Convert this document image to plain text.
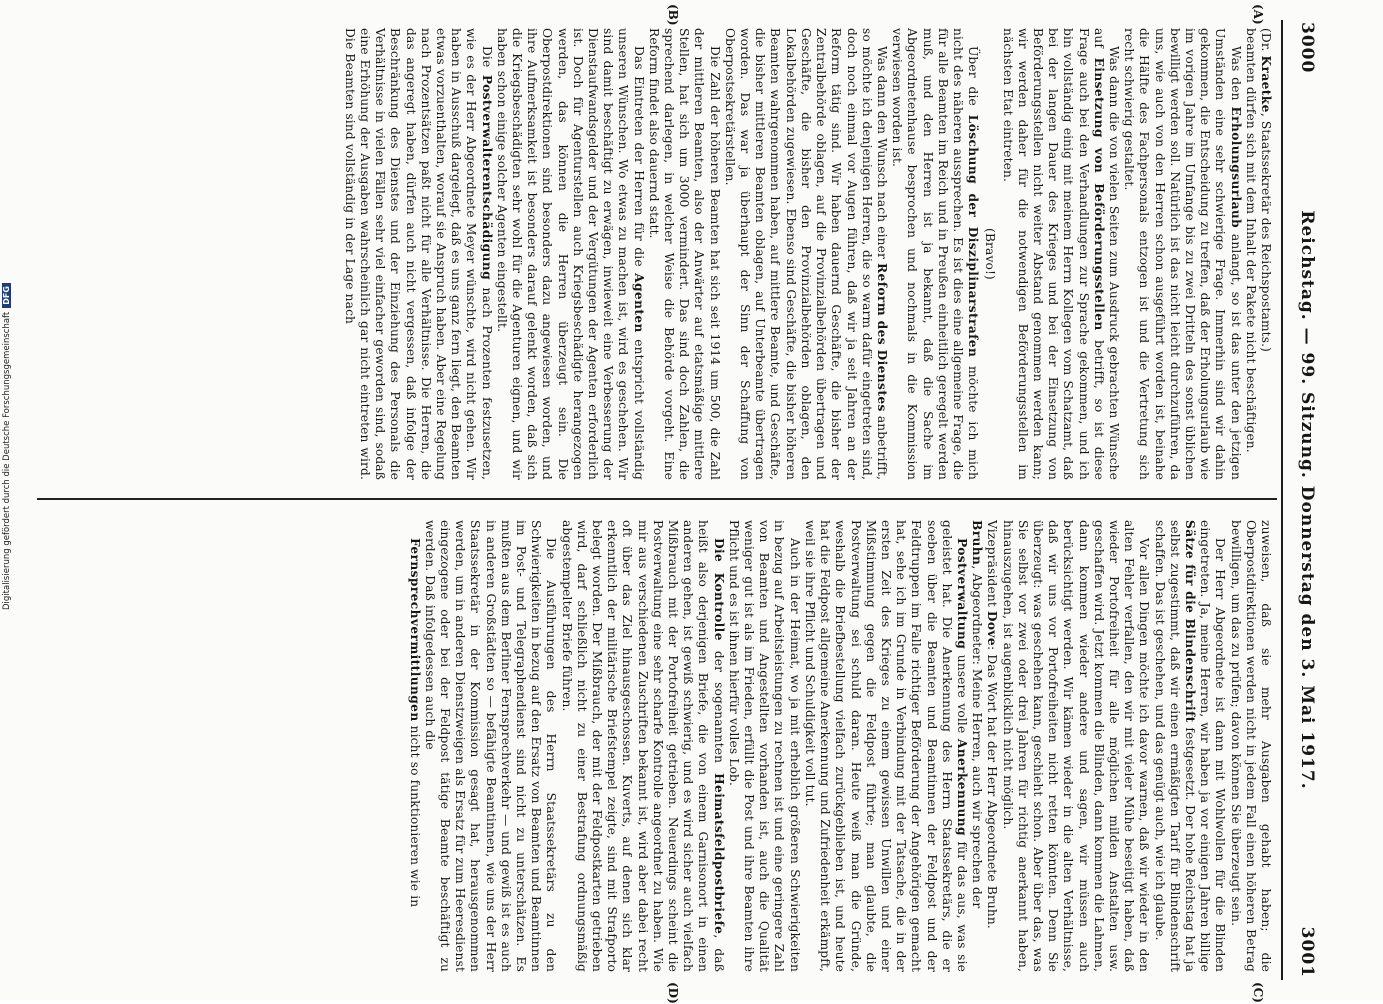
3000
Reichstag. — 99. Sitzung. Donnerstag den 3. Mai 1917.
3001
(A)
(C)
(B)
(D)

(Dr. Kraetke, Staatssekretär des Reichspostamts.)

beamten dürfen sich mit dem Inhalt der Pakete nicht beschäftigen.

Was den Erholungsurlaub anlangt, so ist das unter den jetzigen Umständen eine sehr schwierige Frage. Immerhin sind wir dahin gekommen, die Entscheidung zu treffen, daß der Erholungsurlaub wie im vorigen Jahre im Umfange bis zu zwei Dritteln des sonst üblichen bewilligt werden soll. Natürlich ist das nicht leicht durchzuführen, da uns, wie auch von den Herren schon ausgeführt worden ist, beinahe die Hälfte des Fachpersonals entzogen ist und die Vertretung sich recht schwierig gestaltet.

Was dann die von vielen Seiten zum Ausdruck gebrachten Wünsche auf Einsetzung von Beförderungsstellen betrifft, so ist diese Frage auch bei den Verhandlungen zur Sprache gekommen, und ich bin vollständig einig mit meinem Herrn Kollegen vom Schatzamt, daß bei der langen Dauer des Krieges und bei der Einsetzung von Beförderungsstellen nicht weiter Abstand genommen werden kann; wir werden daher für die notwendigen Beförderungsstellen im nächsten Etat eintreten.

(Bravo!)

Über die Löschung der Disziplinarstrafen möchte ich mich nicht des näheren aussprechen. Es ist dies eine allgemeine Frage, die für alle Beamten im Reich und in Preußen einheitlich geregelt werden muß, und den Herren ist ja bekannt, daß die Sache im Abgeordnetenhause besprochen und nochmals in die Kommission verwiesen worden ist.

Was dann den Wunsch nach einer Reform des Dienstes anbetrifft, so möchte ich denjenigen Herren, die so warm dafür eingetreten sind, doch noch einmal vor Augen führen, daß wir ja seit Jahren an der Reform tätig sind. Wir haben dauernd Geschäfte, die bisher der Zentralbehörde oblagen, auf die Provinzialbehörden übertragen und Geschäfte, die bisher den Provinzialbehörden oblagen, den Lokalbehörden zugewiesen. Ebenso sind Geschäfte, die bisher höheren Beamten wahrgenommen haben, auf mittlere Beamte, und Geschäfte, die bisher mittleren Beamten oblagen, auf Unterbeamte übertragen worden. Das war ja überhaupt der Sinn der Schaffung von Oberpostsekretärstellen.

Die Zahl der höheren Beamten hat sich seit 1914 um 500, die Zahl der mittleren Beamten, also der Anwärter auf etatsmäßige mittlere Stellen, hat sich um 3000 vermindert. Das sind doch Zahlen, die sprechend darlegen, in welcher Weise die Behörde vorgeht. Eine Reform findet also dauernd statt.

Das Eintreten der Herren für die Agenten entspricht vollständig unseren Wünschen. Wo etwas zu machen ist, wird es geschehen. Wir sind damit beschäftigt zu erwägen, inwieweit eine Verbesserung der Dienstaufwandsgelder und der Vergütungen der Agenten erforderlich ist. Doch für Agenturstellen auch Kriegsbeschädigte herangezogen werden, das können die Herren überzeugt sein. Die Oberpostdirektionen sind besonders dazu angewiesen worden, und ihre Aufmerksamkeit ist besonders darauf gelenkt worden, daß sich die Kriegsbeschädigten sehr wohl für die Agenturen eignen, und wir haben schon einige solcher Agenten eingestellt.

Die Postverwalterentschädigung nach Prozenten festzusetzen, wie es der Herr Abgeordnete Meyer wünschte, wird nicht gehen. Wir haben in Ausschuß dargelegt, daß es uns ganz fern liegt, den Beamten etwas vorzuenthalten, worauf sie Anspruch haben. Aber eine Regelung nach Prozentsätzen paßt nicht für alle Verhältnisse. Die Herren, die das angeregt haben, dürfen auch nicht vergessen, daß infolge der Beschränkung des Dienstes und der Einziehung des Personals die Verhältnisse in vielen Fällen sehr viel einfacher geworden sind, sodaß eine Erhöhung der Ausgaben wahrscheinlich gar nicht eintreten wird. Die Beamten sind vollständig in der Lage nach

zuweisen, daß sie mehr Ausgaben gehabt haben; die Oberpostdirektionen werden nicht in jedem Fall einen höheren Betrag bewilligen, um das zu prüfen; davon können Sie überzeugt sein.

Der Herr Abgeordnete ist dann mit Wohlwollen für die Blinden eingetreten. Ja, meine Herren, wir haben ja vor einigen Jahren billige Sätze für die Blindenschrift festgesetzt. Der hohe Reichstag hat ja selbst zugestimmt, daß wir einen ermäßigten Tarif für Blindenschrift schaffen. Das ist geschehen, und das genügt auch, wie ich glaube.

Vor allen Dingen möchte ich davor warnen, daß wir wieder in den alten Fehler verfallen, den wir mit vieler Mühe beseitigt haben, daß wieder Portofreiheit für alle möglichen milden Anstalten usw. geschaffen wird. Jetzt kommen die Blinden, dann kommen die Lahmen, dann kommen wieder andere und sagen, wir müssen auch berücksichtigt werden. Wir kämen wieder in die alten Verhältnisse, daß wir uns vor Portofreiheiten nicht retten könnten. Denn Sie überzeugt: was geschehen kann, geschieht schon. Aber über das, was Sie selbst vor zwei oder drei Jahren für richtig anerkannt haben, hinauszugehen, ist augenblicklich nicht möglich.

Vizepräsident Dove: Das Wort hat der Herr Abgeordnete Bruhn.

Bruhn, Abgeordneter: Meine Herren, auch wir sprechen der

Postverwaltung unsere volle Anerkennung für das aus, was sie geleistet hat. Die Anerkennung des Herrn Staatssekretärs, die er soeben über die Beamten und Beamtinnen der Feldpost und der Feldtruppen im Falle richtiger Beförderung der Angehörigen gemacht hat, sehe ich im Grunde in Verbindung mit der Tatsache, die in der ersten Zeit des Krieges zu einem gewissen Unwillen und einer Mißstimmung gegen die Feldpost führte; man glaubte, die Postverwaltung sei schuld daran. Heute weiß man die Gründe, weshalb die Briefbestellung vielfach zurückgeblieben ist, und heute hat die Feldpost allgemeine Anerkennung und Zufriedenheit erkämpft, weil sie ihre Pflicht und Schuldigkeit voll tut.

Auch in der Heimat, wo ja mit erheblich größeren Schwierigkeiten in bezug auf Arbeitsleistungen zu rechnen ist und eine geringere Zahl von Beamten und Angestellten vorhanden ist, auch die Qualität weniger gut ist als im Frieden, erfüllt die Post und ihre Beamten ihre Pflicht und es ist ihnen hierfür volles Lob.

Die Kontrolle der sogenannten Heimatsfeldpostbriefe, daß heißt also derjenigen Briefe, die von einem Garnisonort in einen anderen gehen, ist gewiß schwierig, und es wird sicher auch vielfach Mißbrauch mit der Portofreiheit getrieben. Neuerdings scheint die Postverwaltung eine sehr scharfe Kontrolle angeordnet zu haben. Wie mir aus verschiedenen Zuschriften bekannt ist, wird aber dabei recht oft über das Ziel hinausgeschossen. Kuverts, auf denen sich klar erkenntlich der militärische Briefstempel zeigte, sind mit Strafporto belegt worden. Der Mißbrauch, der mit der Feldpostkarten getrieben wird, darf schließlich nicht zu einer Bestrafung ordnungsmäßig abgestempelter Briefe führen.

Die Ausführungen des Herrn Staatssekretärs zu den Schwierigkeiten in bezug auf den Ersatz von Beamten und Beamtinnen im Post- und Telegraphendienst sind nicht zu unterschätzen. Es mußten aus dem Berliner Fernsprechverkehr — und gewiß ist es auch in anderen Großstädten so — befähigte Beamtinnen, wie uns der Herr Staatssekretär in der Kommission gesagt hat, herausgenommen werden, um in anderen Dienstzweigen als Ersatz für zum Heeresdienst eingezogene oder bei der Feldpost tätige Beamte beschäftigt zu werden. Daß infolgedessen auch die

Fernsprechvermittlungen nicht so funktionieren wie in

Digitalisierung gefördert durch die Deutsche ForschungsgemeinschaftDFG
